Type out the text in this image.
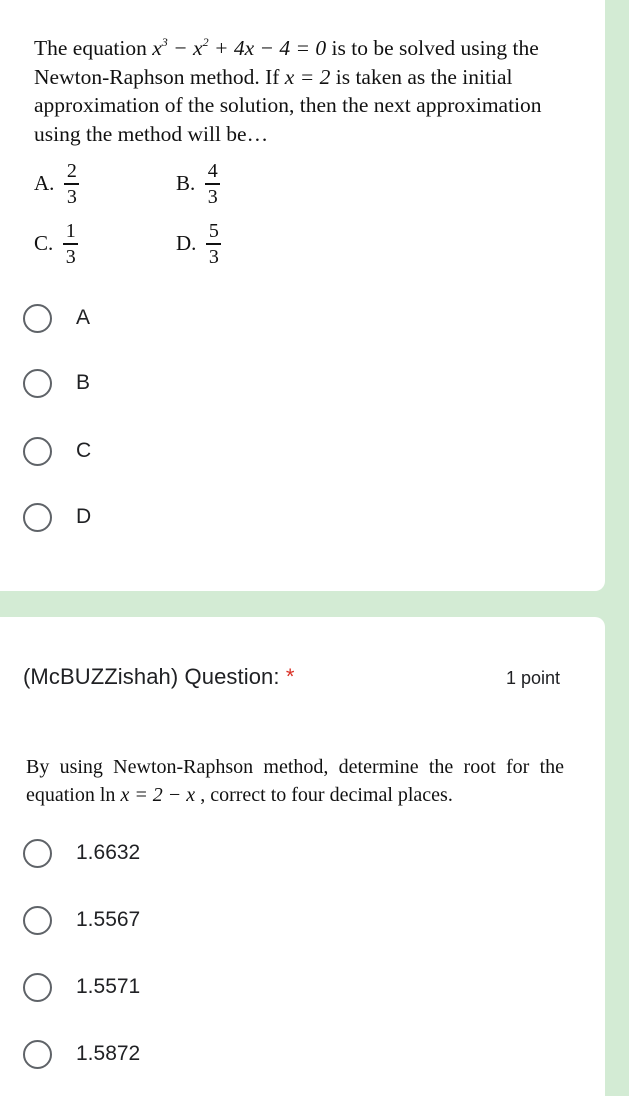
The equation $x^3 - x^2 + 4x - 4 = 0$ is to be solved using the Newton-Raphson method. If x = 2 is taken as the initial approximation of the solution, then the next approximation using the method will be…
A. $\frac{2}{3}$	B. $\frac{4}{3}$
C. $\frac{1}{3}$	D. $\frac{5}{3}$
A
B
C
D
(McBUZZishah) Question: *	1 point
By using Newton-Raphson method, determine the root for the equation ln x = 2 − x , correct to four decimal places.
1.6632
1.5567
1.5571
1.5872
